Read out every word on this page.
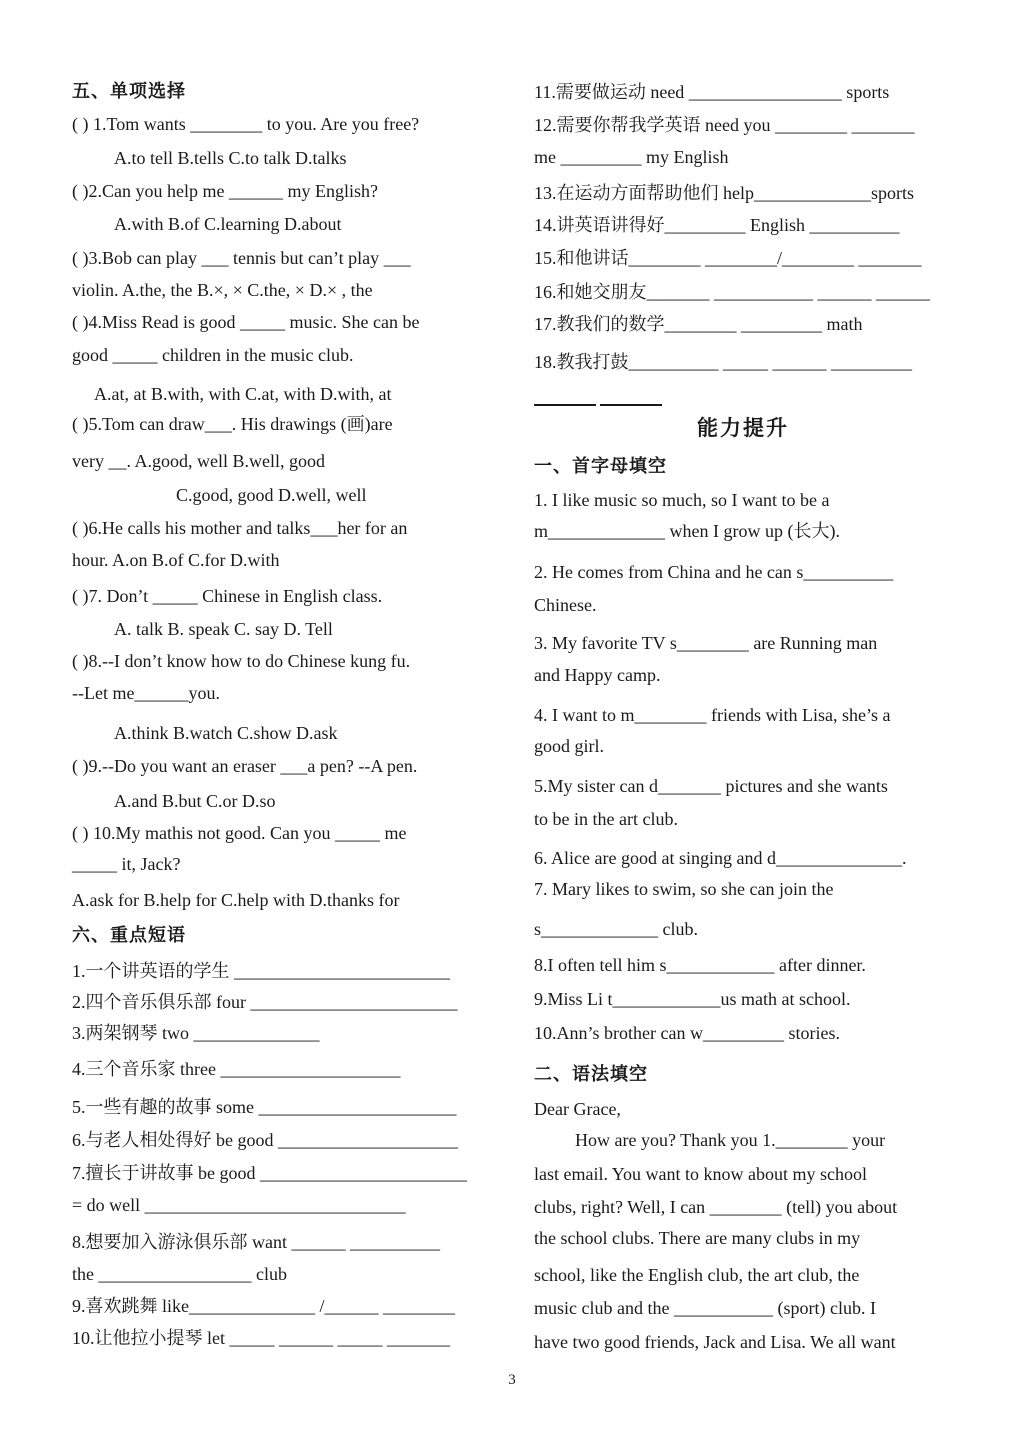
五、单项选择
( ) 1.Tom wants ________ to you. Are you free?
A.to tell B.tells C.to talk D.talks
( )2.Can you help me ______ my English?
A.with B.of C.learning D.about
( )3.Bob can play ___ tennis but can’t play ___
violin. A.the, the B.×, × C.the, × D.× , the
( )4.Miss Read is good _____ music. She can be
good _____ children in the music club.
A.at, at B.with, with C.at, with D.with, at
( )5.Tom can draw___. His drawings (画)are
very __. A.good, well B.well, good
C.good, good D.well, well
( )6.He calls his mother and talks___her for an
hour. A.on B.of C.for D.with
( )7. Don’t _____ Chinese in English class.
A. talk B. speak C. say D. Tell
( )8.--I don’t know how to do Chinese kung fu.
--Let me______you.
A.think B.watch C.show D.ask
( )9.--Do you want an eraser ___a pen? --A pen.
A.and B.but C.or D.so
( ) 10.My mathis not good. Can you _____ me
_____ it, Jack?
A.ask for B.help for C.help with D.thanks for
六、重点短语
1.一个讲英语的学生 ________________________
2.四个音乐俱乐部 four _______________________
3.两架钢琴 two ______________
4.三个音乐家 three ____________________
5.一些有趣的故事 some ______________________
6.与老人相处得好 be good ____________________
7.擅长于讲故事 be good _______________________
= do well _____________________________
8.想要加入游泳俱乐部 want ______ __________
the _________________ club
9.喜欢跳舞 like______________ /______ ________
10.让他拉小提琴 let _____ ______ _____ _______
11.需要做运动 need _________________ sports
12.需要你帮我学英语 need you ________ _______
me _________ my English
13.在运动方面帮助他们 help_____________sports
14.讲英语讲得好_________ English __________
15.和他讲话________ ________/________ _______
16.和她交朋友_______ ___________ ______ ______
17.教我们的数学________ _________ math
18.教我打鼓__________ _____ ______ _________
能力提升
一、首字母填空
1. I like music so much, so I want to be a
m_____________ when I grow up (长大).
2. He comes from China and he can s__________
Chinese.
3. My favorite TV s________ are Running man
and Happy camp.
4. I want to m________ friends with Lisa, she’s a
good girl.
5.My sister can d_______ pictures and she wants
to be in the art club.
6. Alice are good at singing and d______________.
7. Mary likes to swim, so she can join the
s_____________ club.
8.I often tell him s____________ after dinner.
9.Miss Li t____________us math at school.
10.Ann’s brother can w_________ stories.
二、语法填空
Dear Grace,
How are you? Thank you 1.________ your
last email. You want to know about my school
clubs, right? Well, I can ________ (tell) you about
the school clubs. There are many clubs in my
school, like the English club, the art club, the
music club and the ___________ (sport) club. I
have two good friends, Jack and Lisa. We all want
3
